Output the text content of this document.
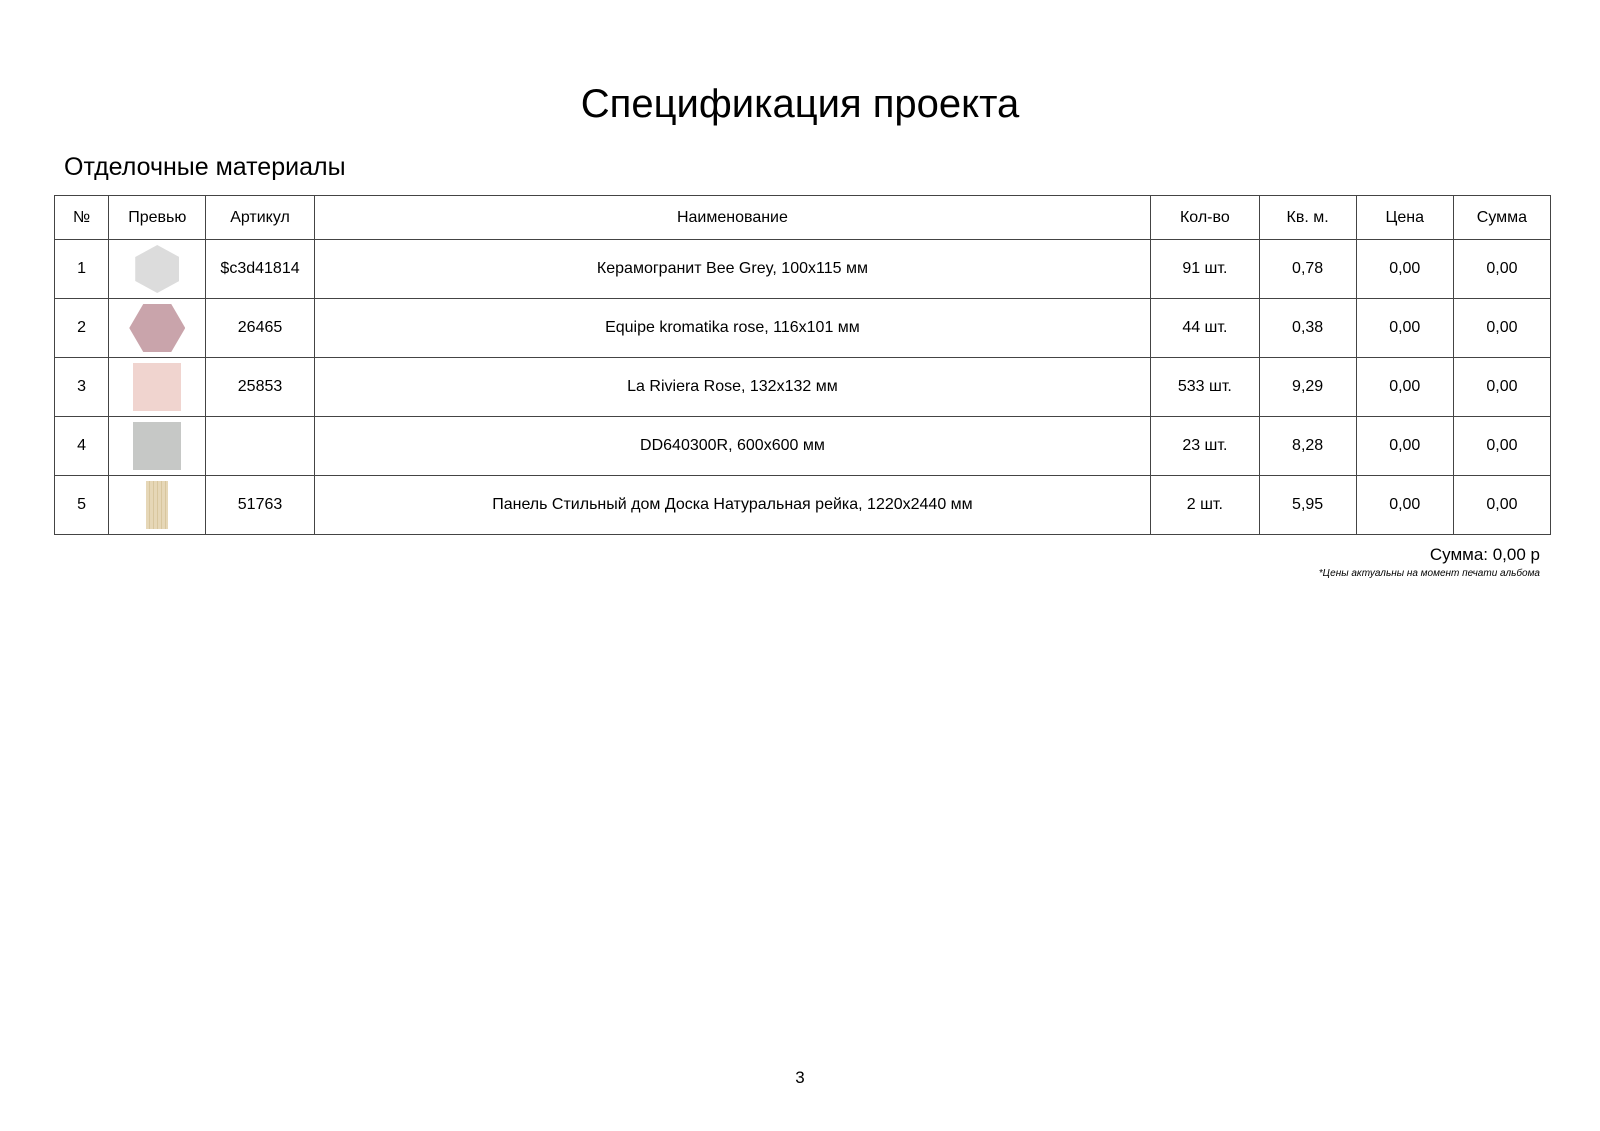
Спецификация проекта
Отделочные материалы
№	Превью	Артикул	Наименование	Кол-во	Кв. м.	Цена	Сумма
1		$c3d41814	Керамогранит Bee Grey, 100x115 мм	91 шт.	0,78	0,00	0,00
2		26465	Equipe kromatika rose, 116x101 мм	44 шт.	0,38	0,00	0,00
3		25853	La Riviera Rose, 132x132 мм	533 шт.	9,29	0,00	0,00
4			DD640300R, 600x600 мм	23 шт.	8,28	0,00	0,00
5		51763	Панель Стильный дом Доска Натуральная рейка, 1220x2440 мм	2 шт.	5,95	0,00	0,00
Сумма: 0,00 р
*Цены актуальны на момент печати альбома
3
